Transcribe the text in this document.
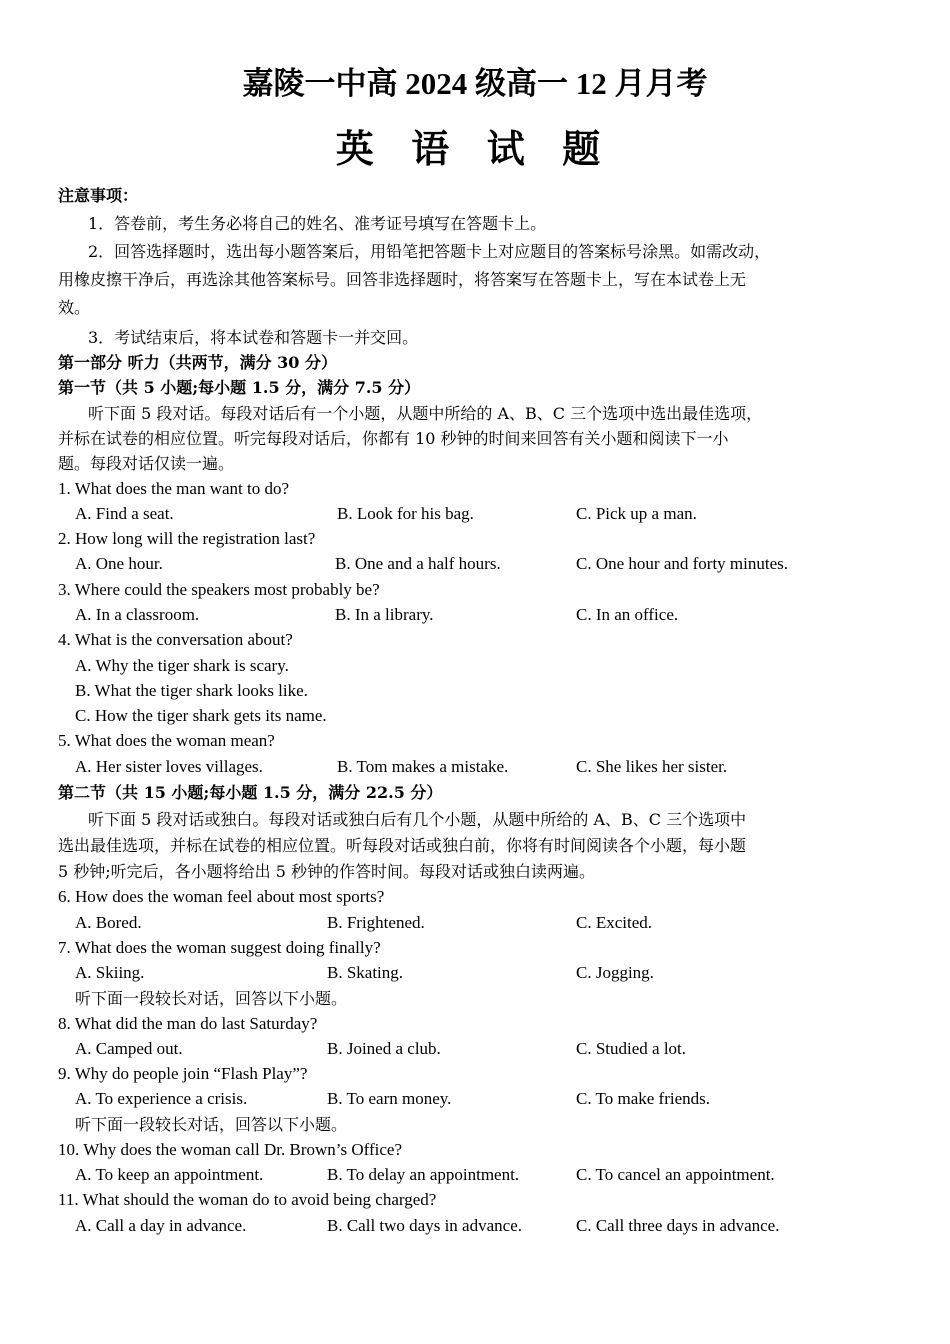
嘉陵一中高 2024 级高一 12 月月考
英 语 试 题
注意事项：
1．答卷前，考生务必将自己的姓名、准考证号填写在答题卡上。
2．回答选择题时，选出每小题答案后，用铅笔把答题卡上对应题目的答案标号涂黑。如需改动，
用橡皮擦干净后，再选涂其他答案标号。回答非选择题时，将答案写在答题卡上，写在本试卷上无
效。
3．考试结束后，将本试卷和答题卡一并交回。
第一部分 听力（共两节，满分 30 分）
第一节（共 5 小题;每小题 1.5 分，满分 7.5 分）
听下面 5 段对话。每段对话后有一个小题，从题中所给的 A、B、C 三个选项中选出最佳选项，
并标在试卷的相应位置。听完每段对话后，你都有 10 秒钟的时间来回答有关小题和阅读下一小
题。每段对话仅读一遍。
1. What does the man want to do?
A. Find a seat.	B. Look for his bag.	C. Pick up a man.
2. How long will the registration last?
A. One hour.	B. One and a half hours.	C. One hour and forty minutes.
3. Where could the speakers most probably be?
A. In a classroom.	B. In a library.	C. In an office.
4. What is the conversation about?
A. Why the tiger shark is scary.
B. What the tiger shark looks like.
C. How the tiger shark gets its name.
5. What does the woman mean?
A. Her sister loves villages.	B. Tom makes a mistake.	C. She likes her sister.
第二节（共 15 小题;每小题 1.5 分，满分 22.5 分）
听下面 5 段对话或独白。每段对话或独白后有几个小题，从题中所给的 A、B、C 三个选项中
选出最佳选项，并标在试卷的相应位置。听每段对话或独白前，你将有时间阅读各个小题，每小题
5 秒钟;听完后，各小题将给出 5 秒钟的作答时间。每段对话或独白读两遍。
6. How does the woman feel about most sports?
A. Bored.	B. Frightened.	C. Excited.
7. What does the woman suggest doing finally?
A. Skiing.	B. Skating.	C. Jogging.
听下面一段较长对话，回答以下小题。
8. What did the man do last Saturday?
A. Camped out.	B. Joined a club.	C. Studied a lot.
9. Why do people join “Flash Play”?
A. To experience a crisis.	B. To earn money.	C. To make friends.
听下面一段较长对话，回答以下小题。
10. Why does the woman call Dr. Brown’s Office?
A. To keep an appointment.	B. To delay an appointment.	C. To cancel an appointment.
11. What should the woman do to avoid being charged?
A. Call a day in advance.	B. Call two days in advance.	C. Call three days in advance.
